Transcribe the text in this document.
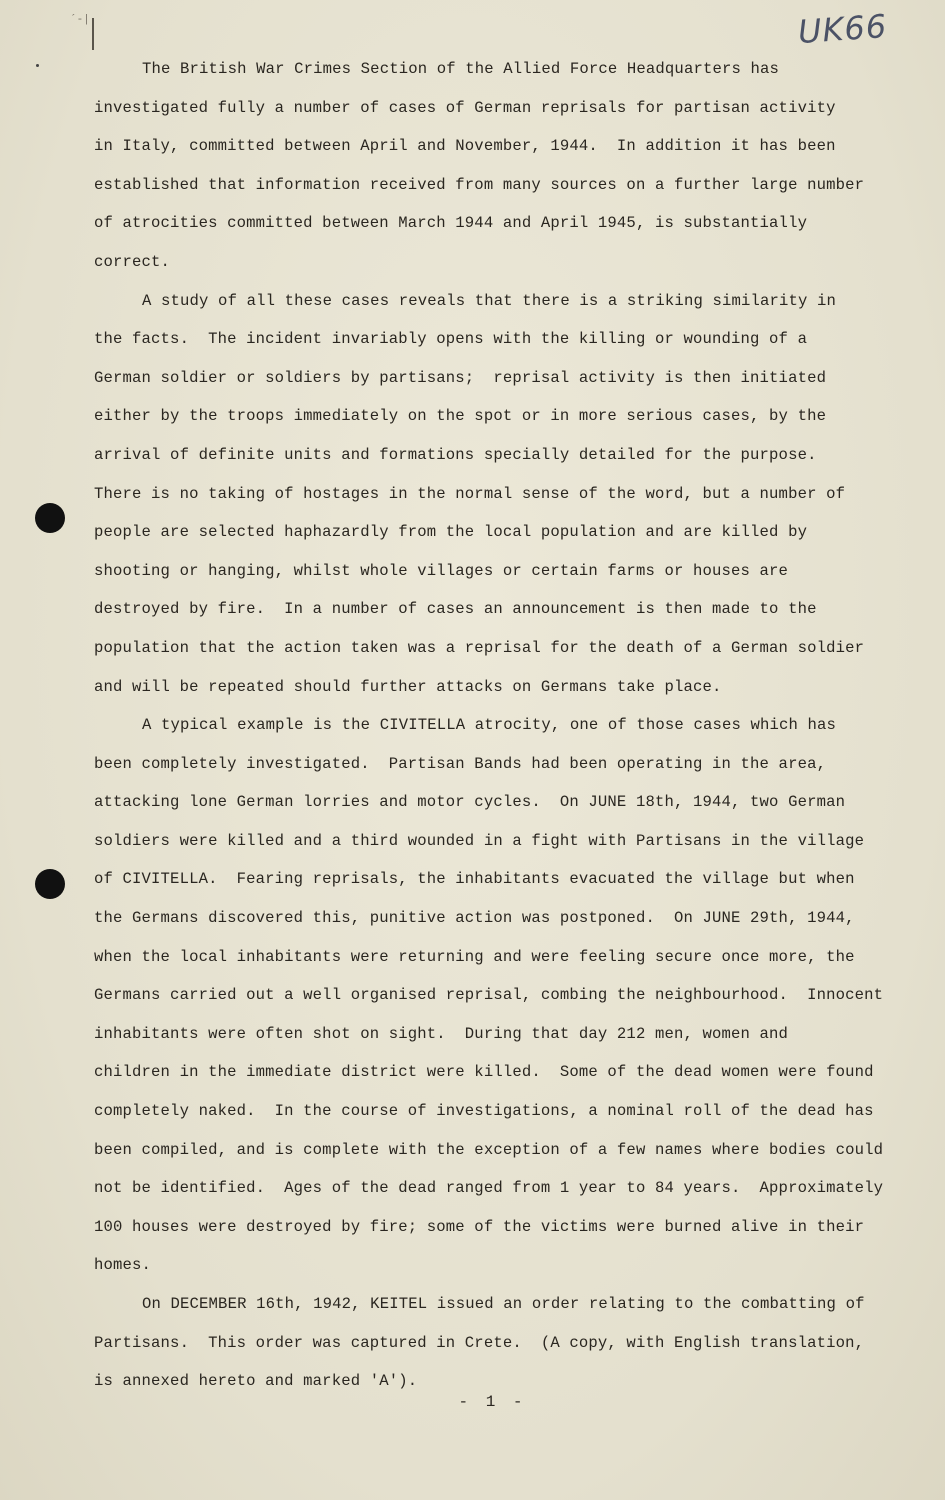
´-|	UK66
The British War Crimes Section of the Allied Force Headquarters has
investigated fully a number of cases of German reprisals for partisan activity
in Italy, committed between April and November, 1944.  In addition it has been
established that information received from many sources on a further large number
of atrocities committed between March 1944 and April 1945, is substantially
correct.
A study of all these cases reveals that there is a striking similarity in
the facts.  The incident invariably opens with the killing or wounding of a
German soldier or soldiers by partisans;  reprisal activity is then initiated
either by the troops immediately on the spot or in more serious cases, by the
arrival of definite units and formations specially detailed for the purpose.
There is no taking of hostages in the normal sense of the word, but a number of
people are selected haphazardly from the local population and are killed by
shooting or hanging, whilst whole villages or certain farms or houses are
destroyed by fire.  In a number of cases an announcement is then made to the
population that the action taken was a reprisal for the death of a German soldier
and will be repeated should further attacks on Germans take place.
A typical example is the CIVITELLA atrocity, one of those cases which has
been completely investigated.  Partisan Bands had been operating in the area,
attacking lone German lorries and motor cycles.  On JUNE 18th, 1944, two German
soldiers were killed and a third wounded in a fight with Partisans in the village
of CIVITELLA.  Fearing reprisals, the inhabitants evacuated the village but when
the Germans discovered this, punitive action was postponed.  On JUNE 29th, 1944,
when the local inhabitants were returning and were feeling secure once more, the
Germans carried out a well organised reprisal, combing the neighbourhood.  Innocent
inhabitants were often shot on sight.  During that day 212 men, women and
children in the immediate district were killed.  Some of the dead women were found
completely naked.  In the course of investigations, a nominal roll of the dead has
been compiled, and is complete with the exception of a few names where bodies could
not be identified.  Ages of the dead ranged from 1 year to 84 years.  Approximately
100 houses were destroyed by fire; some of the victims were burned alive in their
homes.
On DECEMBER 16th, 1942, KEITEL issued an order relating to the combatting of
Partisans.  This order was captured in Crete.  (A copy, with English translation,
is annexed hereto and marked 'A').
- 1 -
